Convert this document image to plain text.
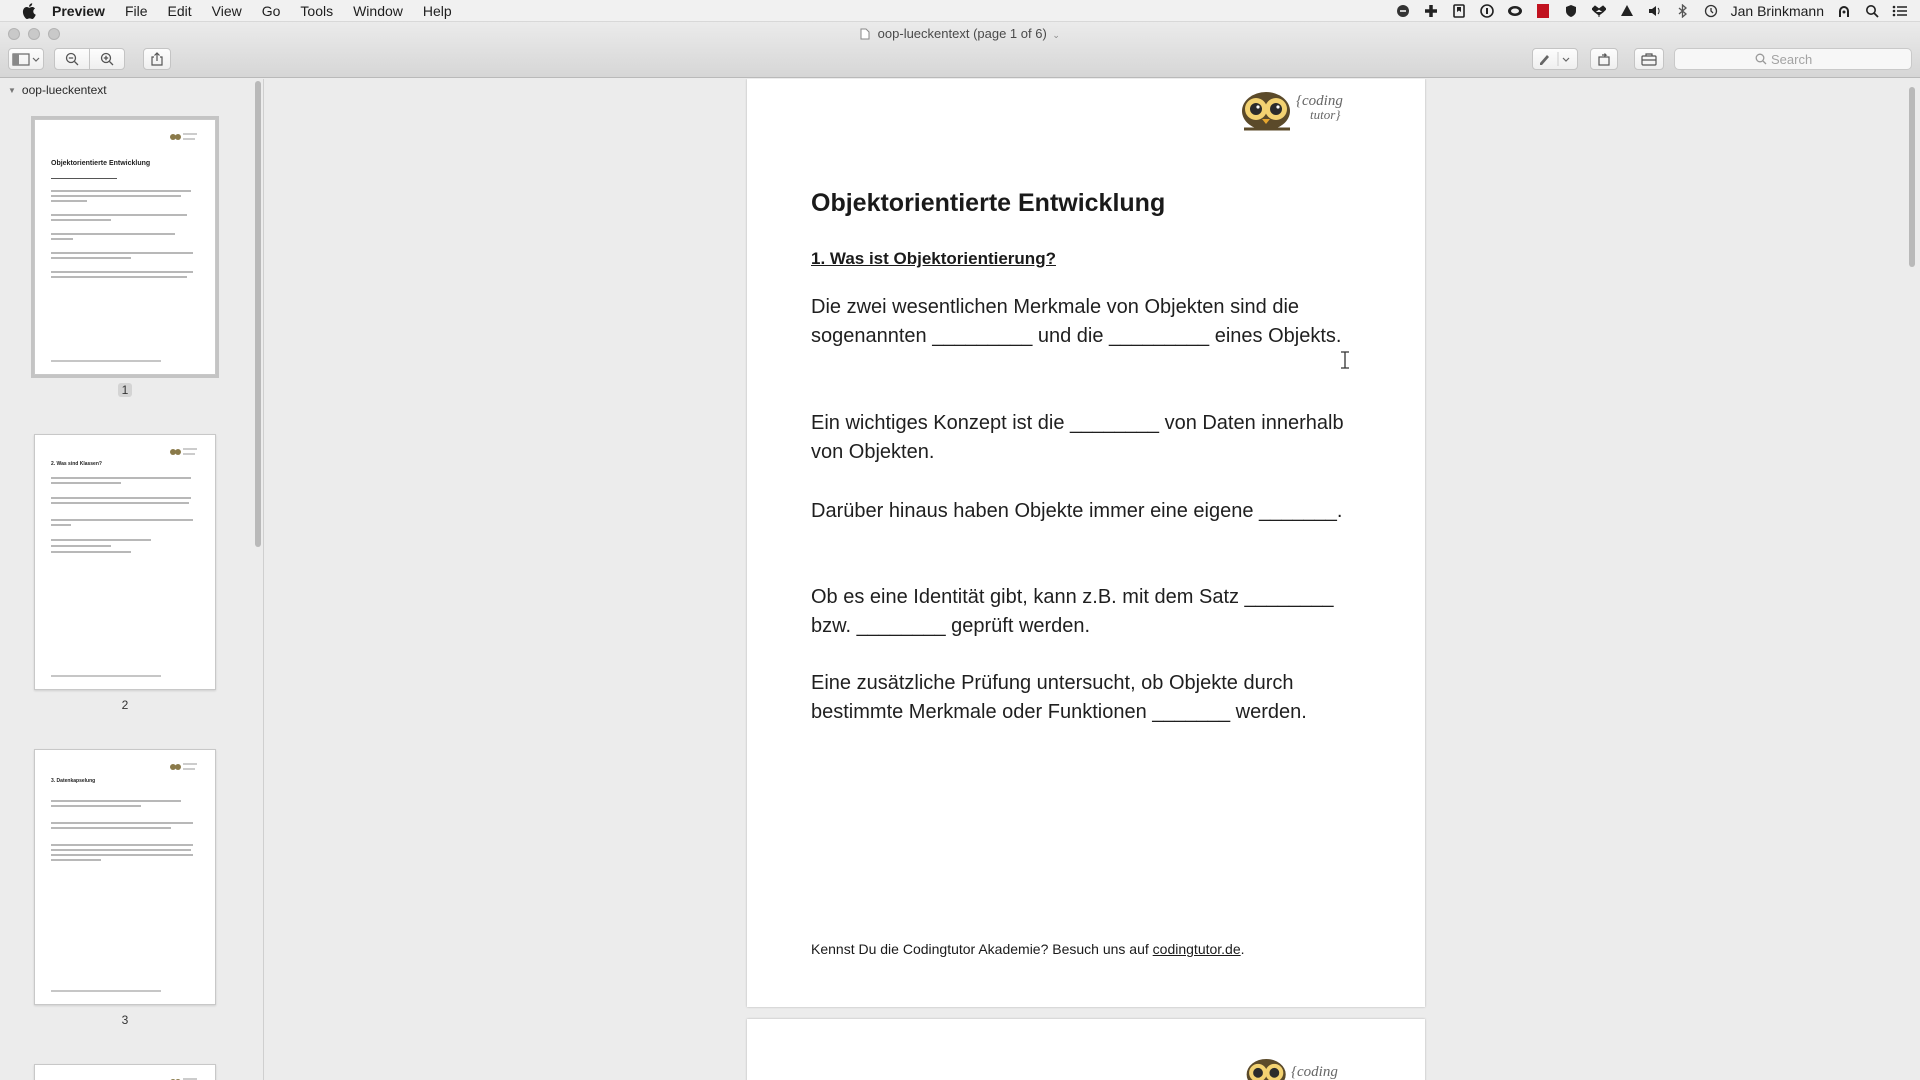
Preview	File	Edit	View	Go	Tools	Window	Help	Jan Brinkmann
oop-lueckentext (page 1 of 6) ⌄
Search
▼ oop-lueckentext
Objektorientierte Entwicklung
1
2. Was sind Klassen?
2
3. Datenkapselung
3
{coding
tutor}
Objektorientierte Entwicklung
1. Was ist Objektorientierung?
Die zwei wesentlichen Merkmale von Objekten sind die sogenannten _________ und die _________ eines Objekts.
Ein wichtiges Konzept ist die ________ von Daten innerhalb von Objekten.
Darüber hinaus haben Objekte immer eine eigene _______.
Ob es eine Identität gibt, kann z.B. mit dem Satz ________ bzw. ________ geprüft werden.
Eine zusätzliche Prüfung untersucht, ob Objekte durch bestimmte Merkmale oder Funktionen _______ werden.
Kennst Du die Codingtutor Akademie? Besuch uns auf codingtutor.de.
{coding
